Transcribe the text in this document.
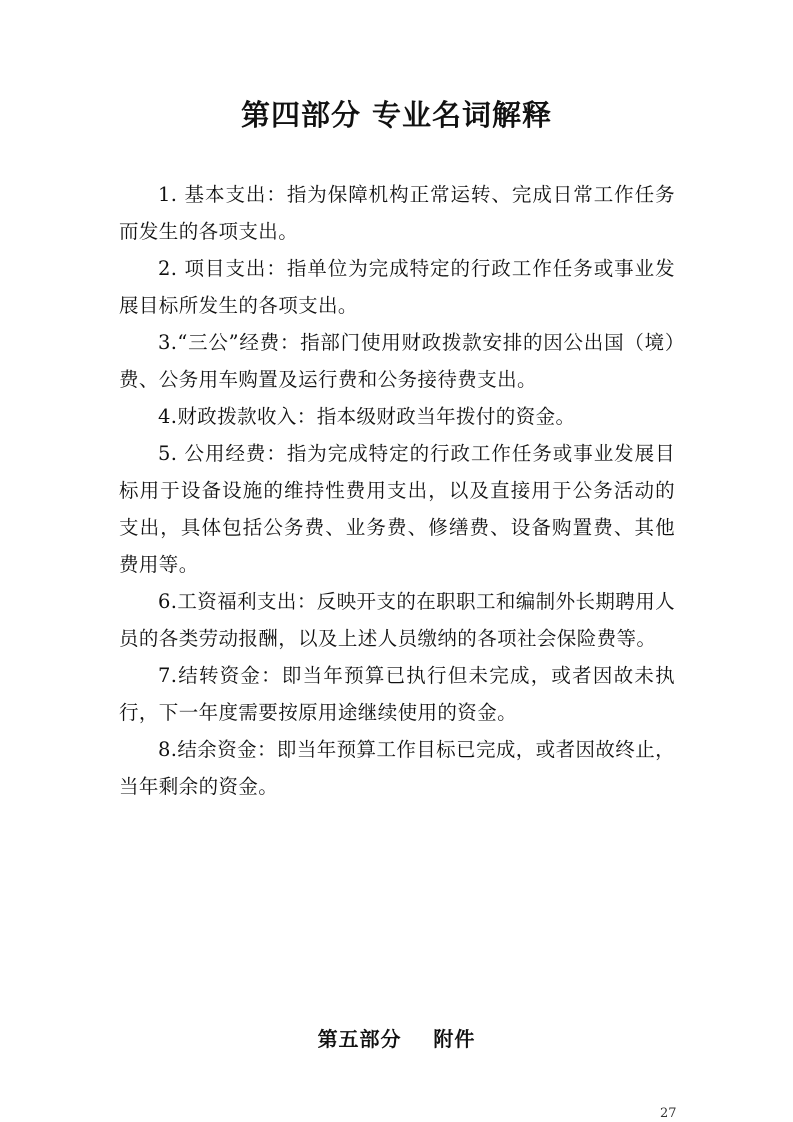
第四部分 专业名词解释

1. 基本支出：指为保障机构正常运转、完成日常工作任务而发生的各项支出。

2. 项目支出：指单位为完成特定的行政工作任务或事业发展目标所发生的各项支出。

3.“三公”经费：指部门使用财政拨款安排的因公出国（境）费、公务用车购置及运行费和公务接待费支出。

4.财政拨款收入：指本级财政当年拨付的资金。

5. 公用经费：指为完成特定的行政工作任务或事业发展目标用于设备设施的维持性费用支出，以及直接用于公务活动的支出，具体包括公务费、业务费、修缮费、设备购置费、其他费用等。

6.工资福利支出：反映开支的在职职工和编制外长期聘用人员的各类劳动报酬，以及上述人员缴纳的各项社会保险费等。

7.结转资金：即当年预算已执行但未完成，或者因故未执行，下一年度需要按原用途继续使用的资金。

8.结余资金：即当年预算工作目标已完成，或者因故终止，当年剩余的资金。

第五部分    附件
27
